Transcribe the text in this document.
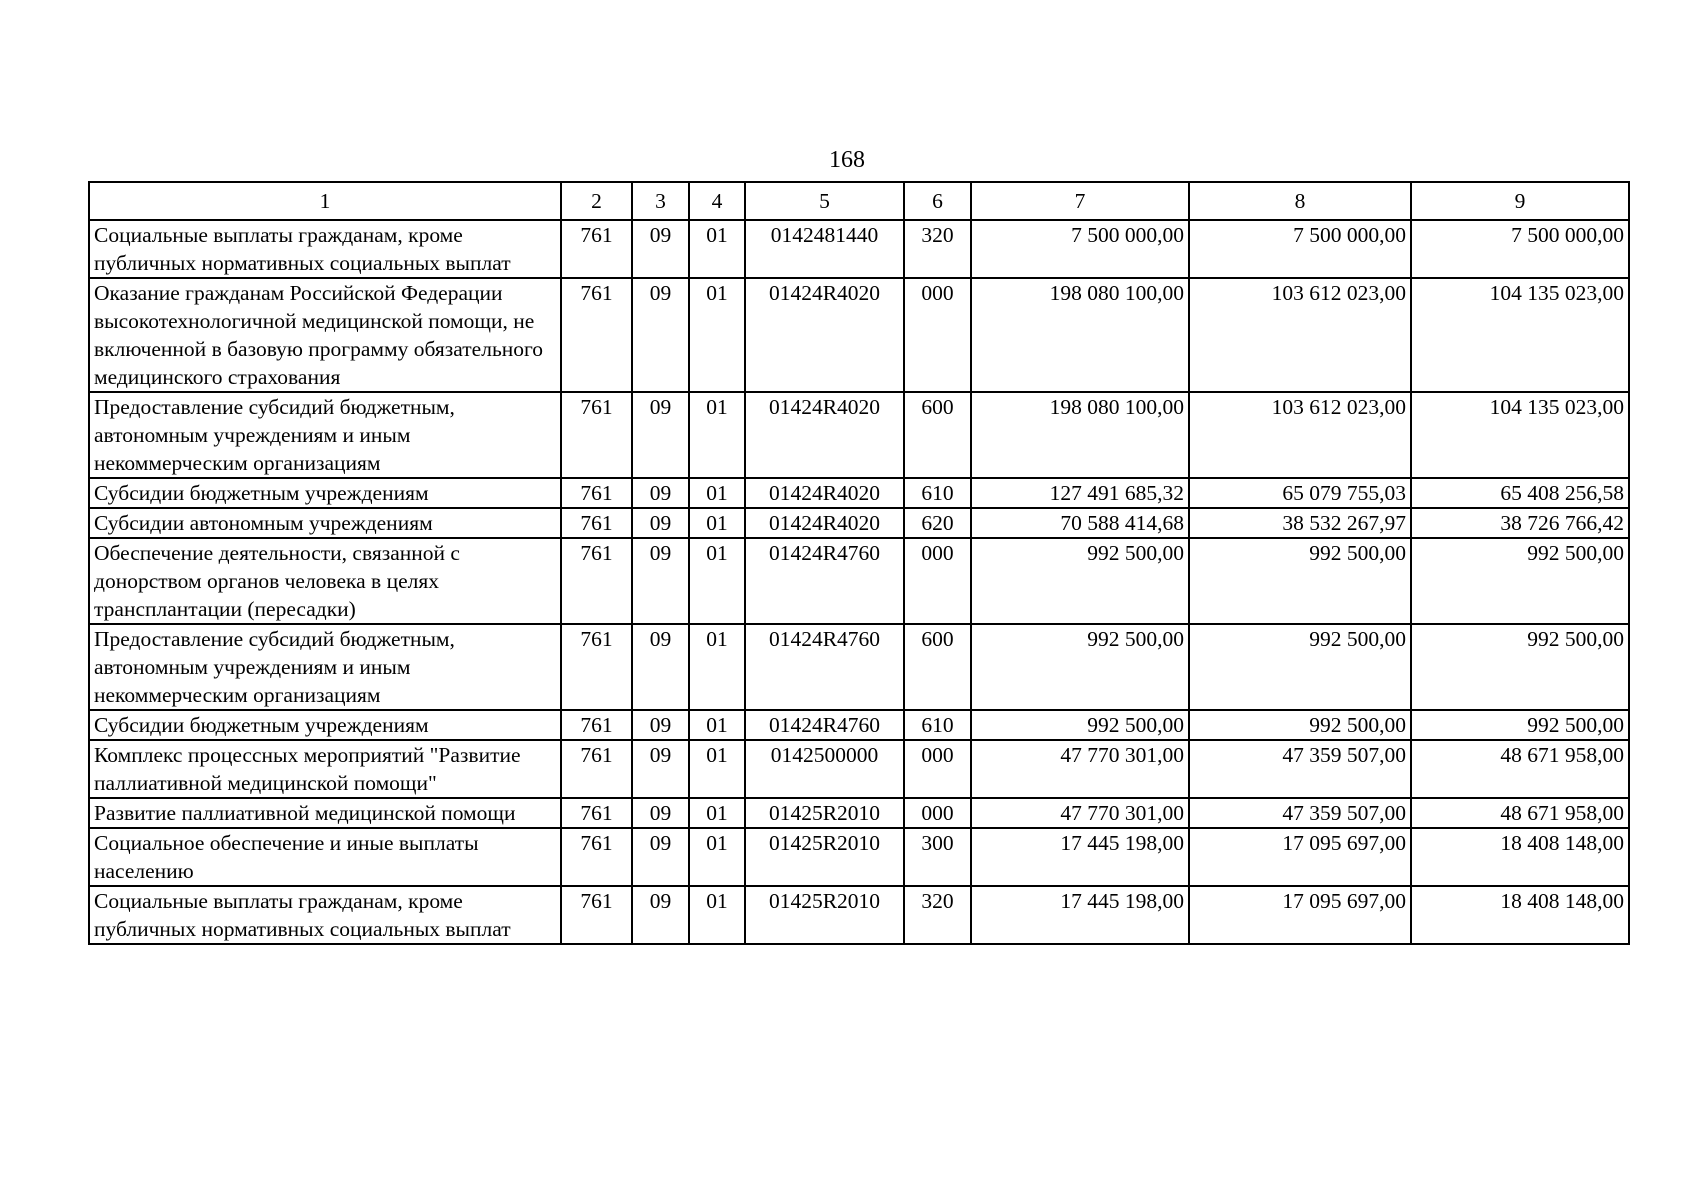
168
1	2	3	4	5	6	7	8	9
Социальные выплаты гражданам, кроме публичных нормативных социальных выплат	761	09	01	0142481440	320	7 500 000,00	7 500 000,00	7 500 000,00
Оказание гражданам Российской Федерации высокотехнологичной медицинской помощи, не включенной в базовую программу обязательного медицинского страхования	761	09	01	01424R4020	000	198 080 100,00	103 612 023,00	104 135 023,00
Предоставление субсидий бюджетным, автономным учреждениям и иным некоммерческим организациям	761	09	01	01424R4020	600	198 080 100,00	103 612 023,00	104 135 023,00
Субсидии бюджетным учреждениям	761	09	01	01424R4020	610	127 491 685,32	65 079 755,03	65 408 256,58
Субсидии автономным учреждениям	761	09	01	01424R4020	620	70 588 414,68	38 532 267,97	38 726 766,42
Обеспечение деятельности, связанной с донорством органов человека в целях трансплантации (пересадки)	761	09	01	01424R4760	000	992 500,00	992 500,00	992 500,00
Предоставление субсидий бюджетным, автономным учреждениям и иным некоммерческим организациям	761	09	01	01424R4760	600	992 500,00	992 500,00	992 500,00
Субсидии бюджетным учреждениям	761	09	01	01424R4760	610	992 500,00	992 500,00	992 500,00
Комплекс процессных мероприятий "Развитие паллиативной медицинской помощи"	761	09	01	0142500000	000	47 770 301,00	47 359 507,00	48 671 958,00
Развитие паллиативной медицинской помощи	761	09	01	01425R2010	000	47 770 301,00	47 359 507,00	48 671 958,00
Социальное обеспечение и иные выплаты населению	761	09	01	01425R2010	300	17 445 198,00	17 095 697,00	18 408 148,00
Социальные выплаты гражданам, кроме публичных нормативных социальных выплат	761	09	01	01425R2010	320	17 445 198,00	17 095 697,00	18 408 148,00
